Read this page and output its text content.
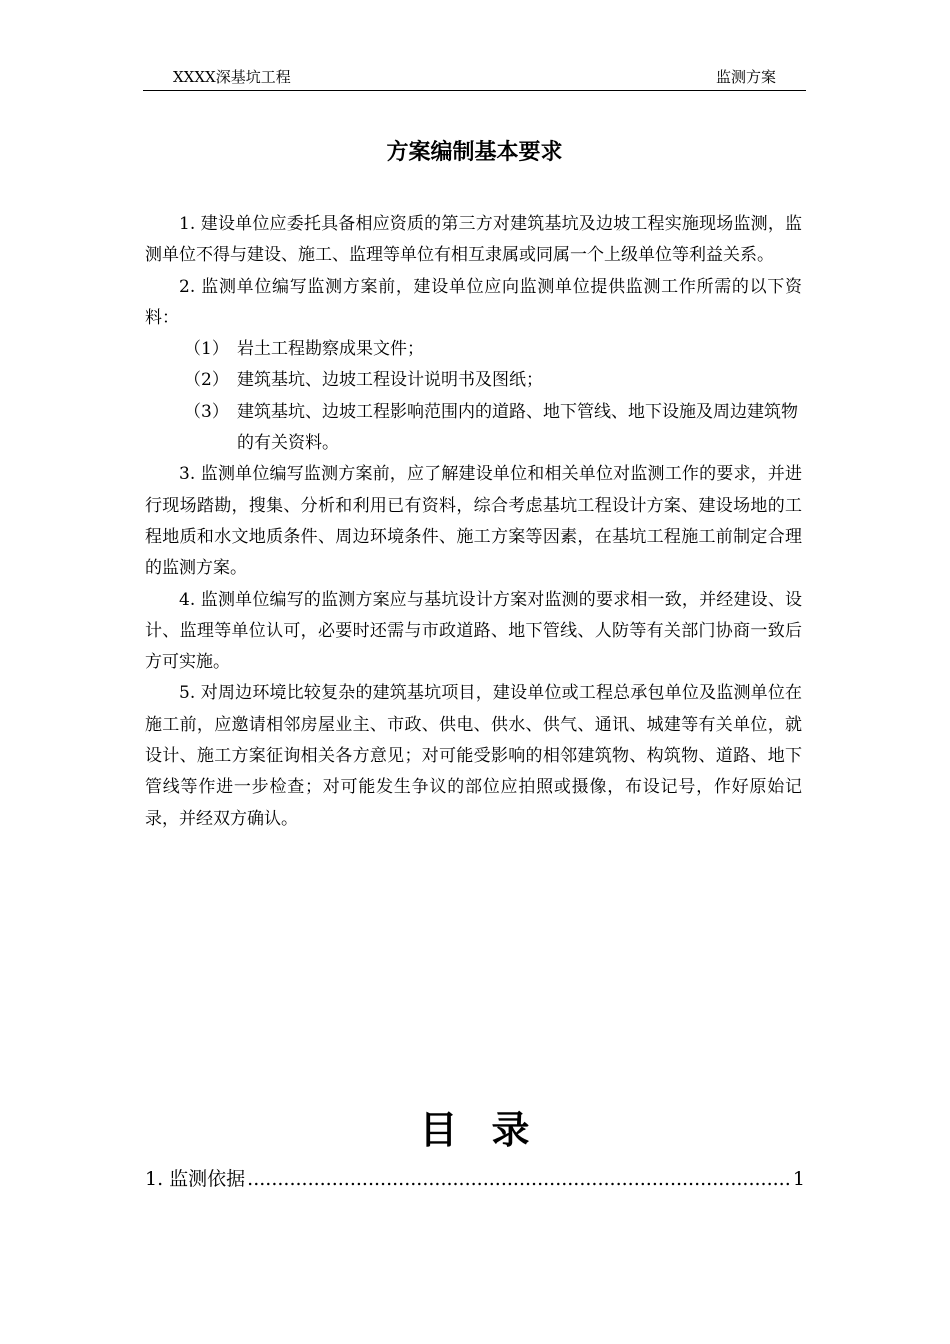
XXXX深基坑工程	监测方案
方案编制基本要求

1. 建设单位应委托具备相应资质的第三方对建筑基坑及边坡工程实施现场监测，监测单位不得与建设、施工、监理等单位有相互隶属或同属一个上级单位等利益关系。

2. 监测单位编写监测方案前，建设单位应向监测单位提供监测工作所需的以下资料：

（1） 岩土工程勘察成果文件；

（2） 建筑基坑、边坡工程设计说明书及图纸；

（3） 建筑基坑、边坡工程影响范围内的道路、地下管线、地下设施及周边建筑物的有关资料。

3. 监测单位编写监测方案前，应了解建设单位和相关单位对监测工作的要求，并进行现场踏勘，搜集、分析和利用已有资料，综合考虑基坑工程设计方案、建设场地的工程地质和水文地质条件、周边环境条件、施工方案等因素，在基坑工程施工前制定合理的监测方案。

4. 监测单位编写的监测方案应与基坑设计方案对监测的要求相一致，并经建设、设计、监理等单位认可，必要时还需与市政道路、地下管线、人防等有关部门协商一致后方可实施。

5. 对周边环境比较复杂的建筑基坑项目，建设单位或工程总承包单位及监测单位在施工前，应邀请相邻房屋业主、市政、供电、供水、供气、通讯、城建等有关单位，就设计、施工方案征询相关各方意见；对可能受影响的相邻建筑物、构筑物、道路、地下管线等作进一步检查；对可能发生争议的部位应拍照或摄像，布设记号，作好原始记录，并经双方确认。

目录
1. 监测依据
.....	1
